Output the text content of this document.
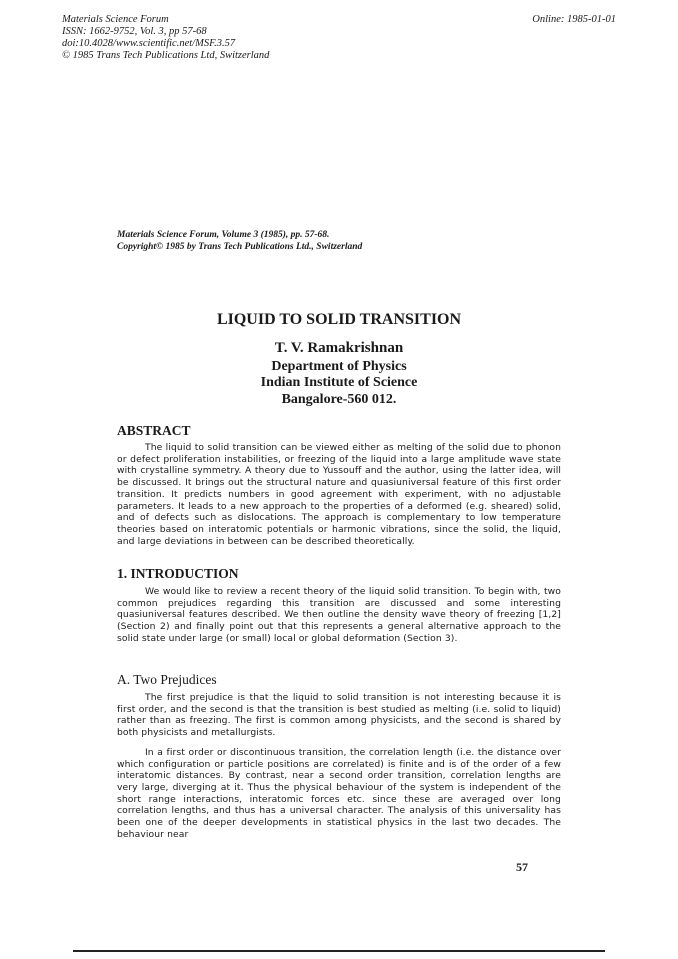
Materials Science Forum
ISSN: 1662-9752, Vol. 3, pp 57-68
doi:10.4028/www.scientific.net/MSF.3.57
© 1985 Trans Tech Publications Ltd, Switzerland
Online: 1985-01-01
Materials Science Forum, Volume 3 (1985), pp. 57-68.
Copyright© 1985 by Trans Tech Publications Ltd., Switzerland
LIQUID TO SOLID TRANSITION
T. V. Ramakrishnan
Department of Physics
Indian Institute of Science
Bangalore-560 012.
ABSTRACT

The liquid to solid transition can be viewed either as melting of the solid due to phonon or defect proliferation instabilities, or freezing of the liquid into a large amplitude wave state with crystalline symmetry. A theory due to Yussouff and the author, using the latter idea, will be discussed. It brings out the structural nature and quasiuniversal feature of this first order transition. It predicts numbers in good agreement with experiment, with no adjustable parameters. It leads to a new approach to the properties of a deformed (e.g. sheared) solid, and of defects such as dislocations. The approach is complementary to low temperature theories based on interatomic potentials or harmonic vibrations, since the solid, the liquid, and large deviations in between can be described theoretically.

1. INTRODUCTION

We would like to review a recent theory of the liquid solid transition. To begin with, two common prejudices regarding this transition are discussed and some interesting quasiuniversal features described. We then outline the density wave theory of freezing [1,2] (Section 2) and finally point out that this represents a general alternative approach to the solid state under large (or small) local or global deformation (Section 3).

A. Two Prejudices

The first prejudice is that the liquid to solid transition is not interesting because it is first order, and the second is that the transition is best studied as melting (i.e. solid to liquid) rather than as freezing. The first is common among physicists, and the second is shared by both physicists and metallurgists.

In a first order or discontinuous transition, the correlation length (i.e. the distance over which configuration or particle positions are correlated) is finite and is of the order of a few interatomic distances. By contrast, near a second order transition, correlation lengths are very large, diverging at it. Thus the physical behaviour of the system is independent of the short range interactions, interatomic forces etc. since these are averaged over long correlation lengths, and thus has a universal character. The analysis of this universality has been one of the deeper developments in statistical physics in the last two decades. The behaviour near

57
